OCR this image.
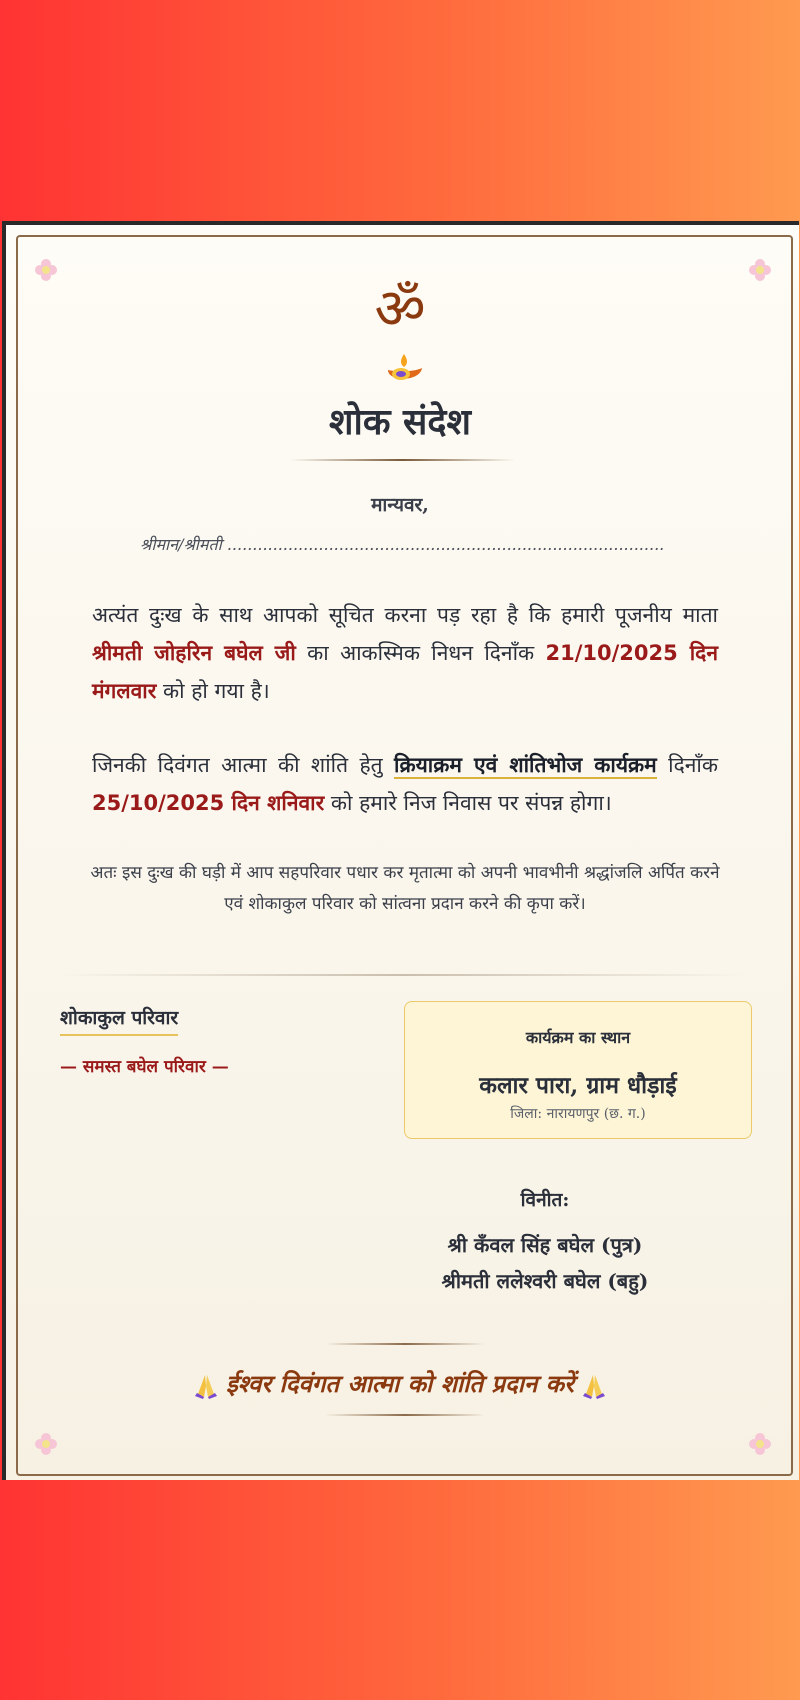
ॐ
शोक संदेश
मान्यवर,
श्रीमान/श्रीमती ......................................................................................
अत्यंत दुःख के साथ आपको सूचित करना पड़ रहा है कि हमारी पूजनीय माता श्रीमती जोहरिन बघेल जी का आकस्मिक निधन दिनाँक 21/10/2025 दिन मंगलवार को हो गया है।
जिनकी दिवंगत आत्मा की शांति हेतु क्रियाक्रम एवं शांतिभोज कार्यक्रम दिनाँक 25/10/2025 दिन शनिवार को हमारे निज निवास पर संपन्न होगा।
अतः इस दुःख की घड़ी में आप सहपरिवार पधार कर मृतात्मा को अपनी भावभीनी श्रद्धांजलि अर्पित करने एवं शोकाकुल परिवार को सांत्वना प्रदान करने की कृपा करें।
शोकाकुल परिवार
— समस्त बघेल परिवार —
कार्यक्रम का स्थान
कलार पारा, ग्राम धौड़ाई
जिला: नारायणपुर (छ. ग.)
विनीत:
श्री कँवल सिंह बघेल (पुत्र)
श्रीमती ललेश्वरी बघेल (बहु)
ईश्वर दिवंगत आत्मा को शांति प्रदान करें
